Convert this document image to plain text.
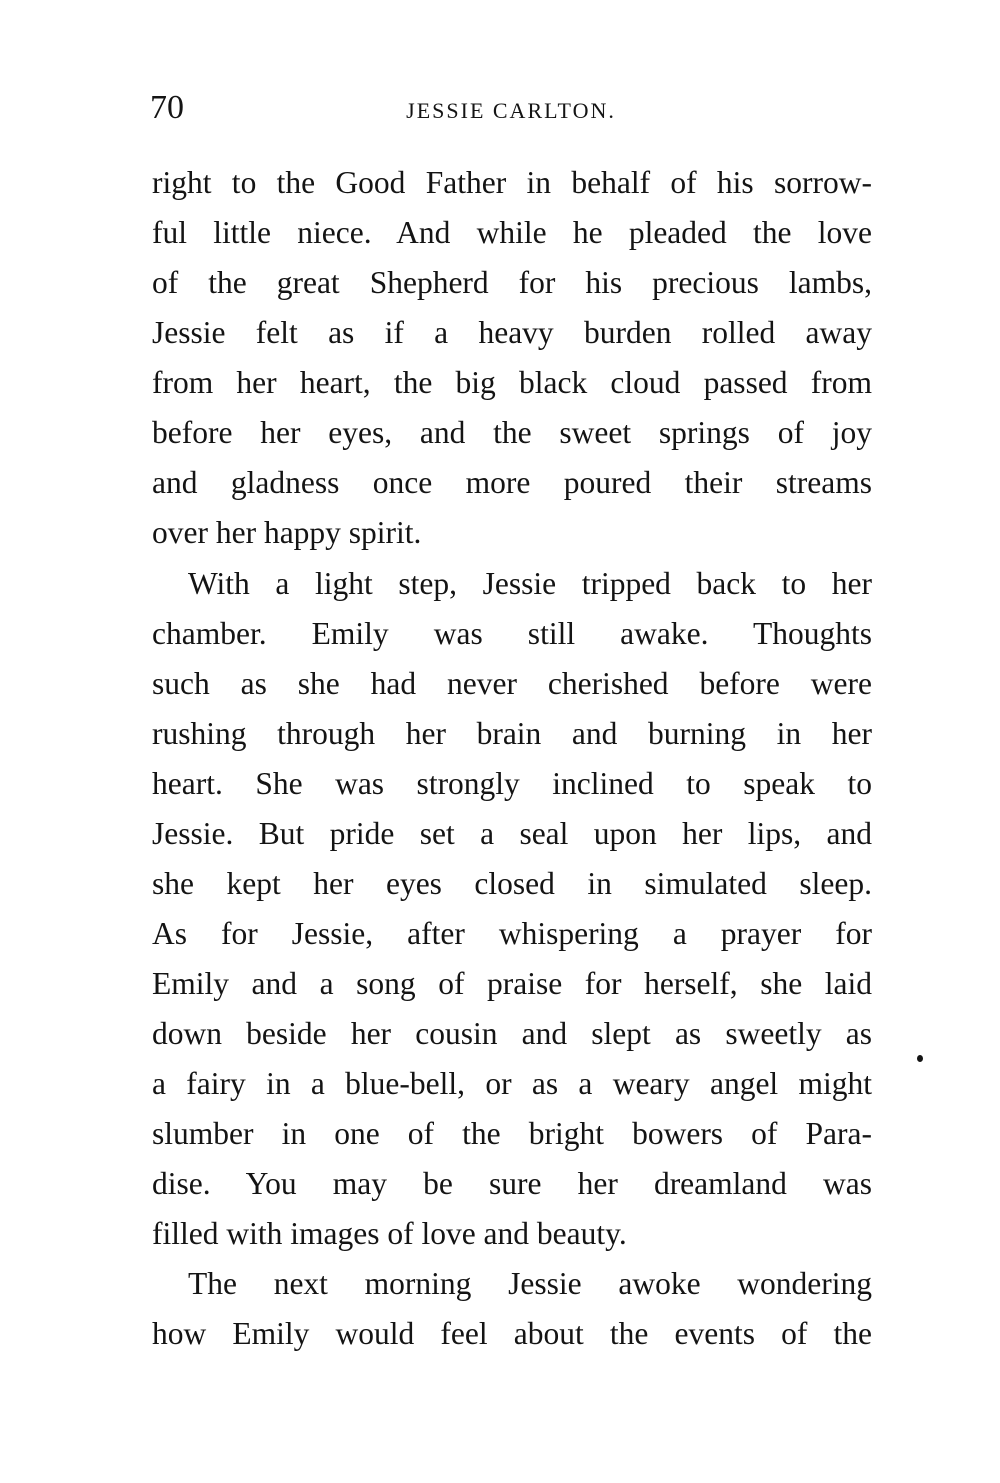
70	JESSIE CARLTON.
right to the Good Father in behalf of his sorrow-
ful little niece. And while he pleaded the love
of the great Shepherd for his precious lambs,
Jessie felt as if a heavy burden rolled away
from her heart, the big black cloud passed from
before her eyes, and the sweet springs of joy
and gladness once more poured their streams
over her happy spirit.
With a light step, Jessie tripped back to her
chamber. Emily was still awake. Thoughts
such as she had never cherished before were
rushing through her brain and burning in her
heart. She was strongly inclined to speak to
Jessie. But pride set a seal upon her lips, and
she kept her eyes closed in simulated sleep.
As for Jessie, after whispering a prayer for
Emily and a song of praise for herself, she laid
down beside her cousin and slept as sweetly as
a fairy in a blue-bell, or as a weary angel might
slumber in one of the bright bowers of Para-
dise. You may be sure her dreamland was
filled with images of love and beauty.
The next morning Jessie awoke wondering
how Emily would feel about the events of the
